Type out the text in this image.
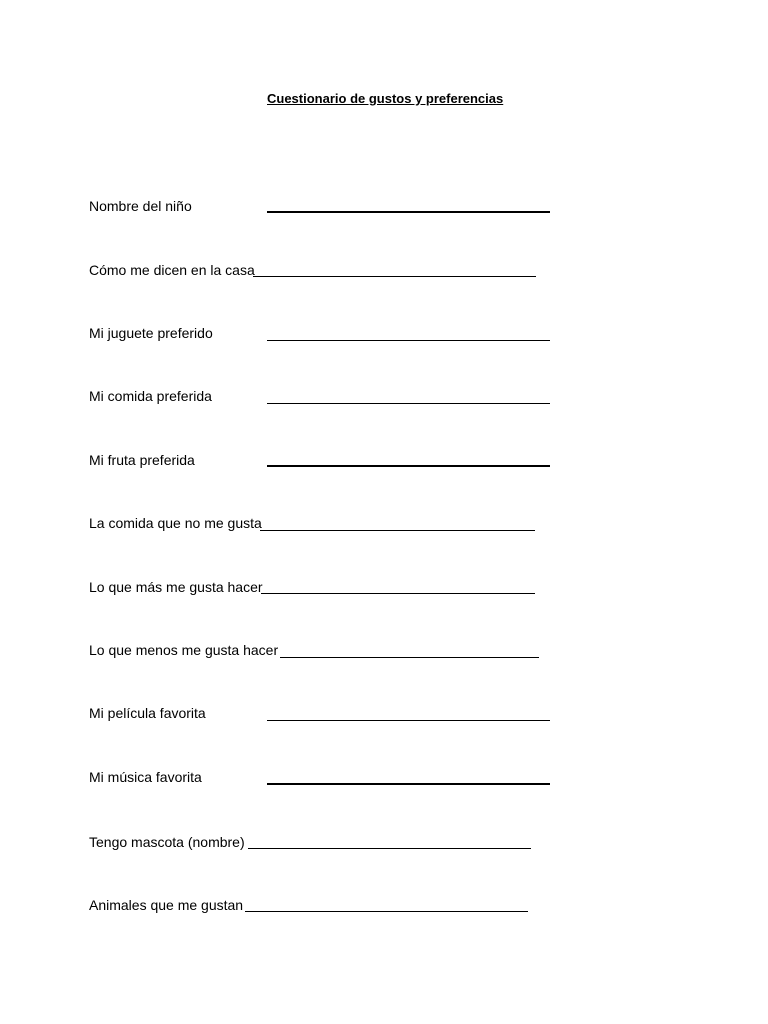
Cuestionario de gustos y preferencias
Nombre del niño
Cómo me dicen en la casa
Mi juguete preferido
Mi comida preferida
Mi fruta preferida
La comida que no me gusta
Lo que más me gusta hacer
Lo que menos me gusta hacer
Mi película favorita
Mi música favorita
Tengo mascota (nombre)
Animales que me gustan
